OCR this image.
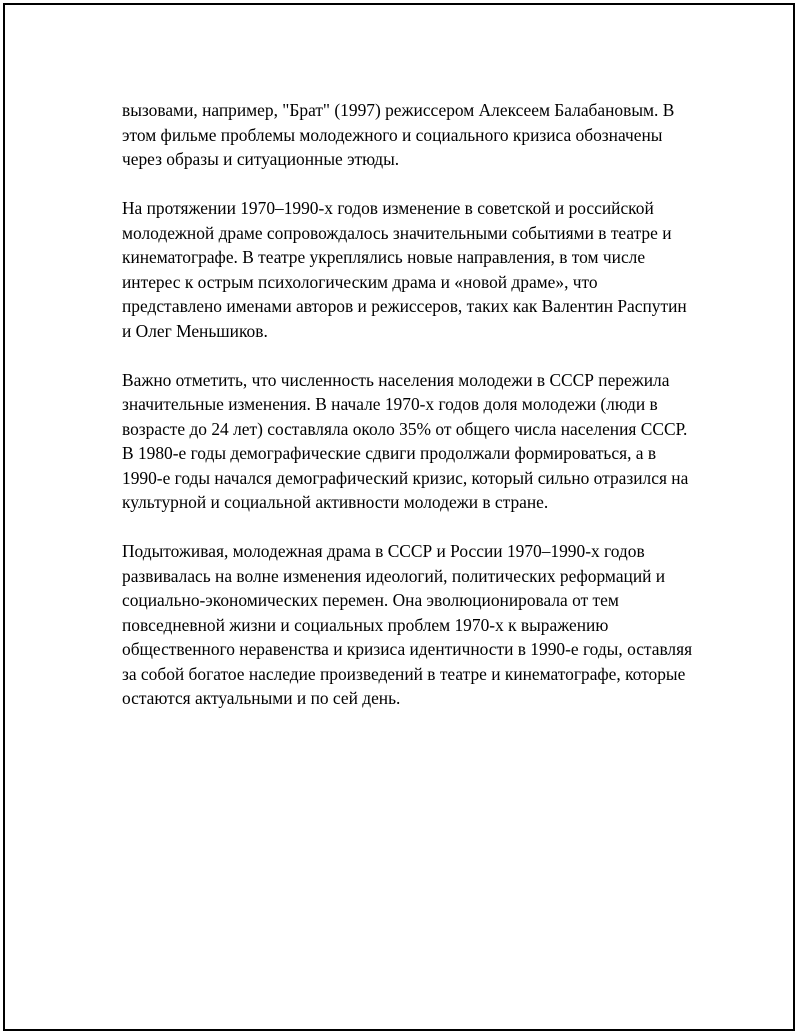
вызовами, например, "Брат" (1997) режиссером Алексеем Балабановым. В этом фильме проблемы молодежного и социального кризиса обозначены через образы и ситуационные этюды.

На протяжении 1970–1990-х годов изменение в советской и российской молодежной драме сопровождалось значительными событиями в театре и кинематографе. В театре укреплялись новые направления, в том числе интерес к острым психологическим драма и «новой драме», что представлено именами авторов и режиссеров, таких как Валентин Распутин и Олег Меньшиков.

Важно отметить, что численность населения молодежи в СССР пережила значительные изменения. В начале 1970-х годов доля молодежи (люди в возрасте до 24 лет) составляла около 35% от общего числа населения СССР. В 1980-е годы демографические сдвиги продолжали формироваться, а в 1990-е годы начался демографический кризис, который сильно отразился на культурной и социальной активности молодежи в стране.

Подытоживая, молодежная драма в СССР и России 1970–1990-х годов развивалась на волне изменения идеологий, политических реформаций и социально-экономических перемен. Она эволюционировала от тем повседневной жизни и социальных проблем 1970-х к выражению общественного неравенства и кризиса идентичности в 1990-е годы, оставляя за собой богатое наследие произведений в театре и кинематографе, которые остаются актуальными и по сей день.
